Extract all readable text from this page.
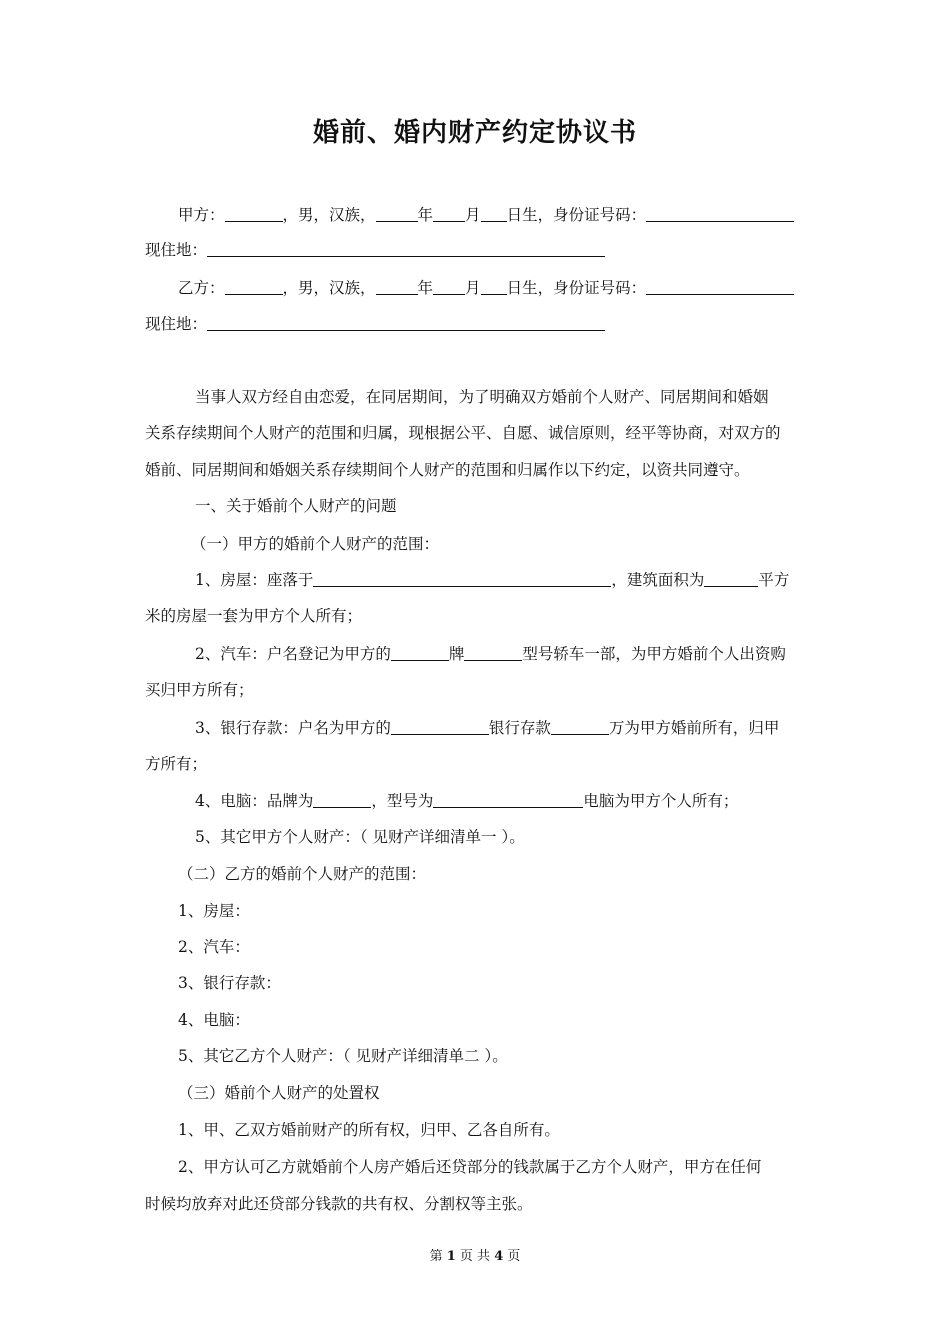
婚前、婚内财产约定协议书
甲方：	，男，汉族，	年 月 日生，身份证号码：
现住地：
乙方：	，男，汉族，	年 月 日生，身份证号码：
现住地：
当事人双方经自由恋爱，在同居期间，为了明确双方婚前个人财产、同居期间和婚姻
关系存续期间个人财产的范围和归属，现根据公平、自愿、诚信原则，经平等协商，对双方的
婚前、同居期间和婚姻关系存续期间个人财产的范围和归属作以下约定，以资共同遵守。
一、关于婚前个人财产的问题
（一）甲方的婚前个人财产的范围：
1、房屋：座落于	，建筑面积为	平方
米的房屋一套为甲方个人所有；
2、汽车：户名登记为甲方的	牌	型号轿车一部，为甲方婚前个人出资购
买归甲方所有；
3、银行存款：户名为甲方的	银行存款	万为甲方婚前所有，归甲
方所有；
4、电脑：品牌为	，型号为	电脑为甲方个人所有；
5、其它甲方个人财产：（ 见财产详细清单一 ）。
（二）乙方的婚前个人财产的范围：
1、房屋：
2、汽车：
3、银行存款：
4、电脑：
5、其它乙方个人财产：（ 见财产详细清单二 ）。
（三）婚前个人财产的处置权
1、甲、乙双方婚前财产的所有权，归甲、乙各自所有。
2、甲方认可乙方就婚前个人房产婚后还贷部分的钱款属于乙方个人财产，甲方在任何
时候均放弃对此还贷部分钱款的共有权、分割权等主张。
第 1 页 共 4 页
